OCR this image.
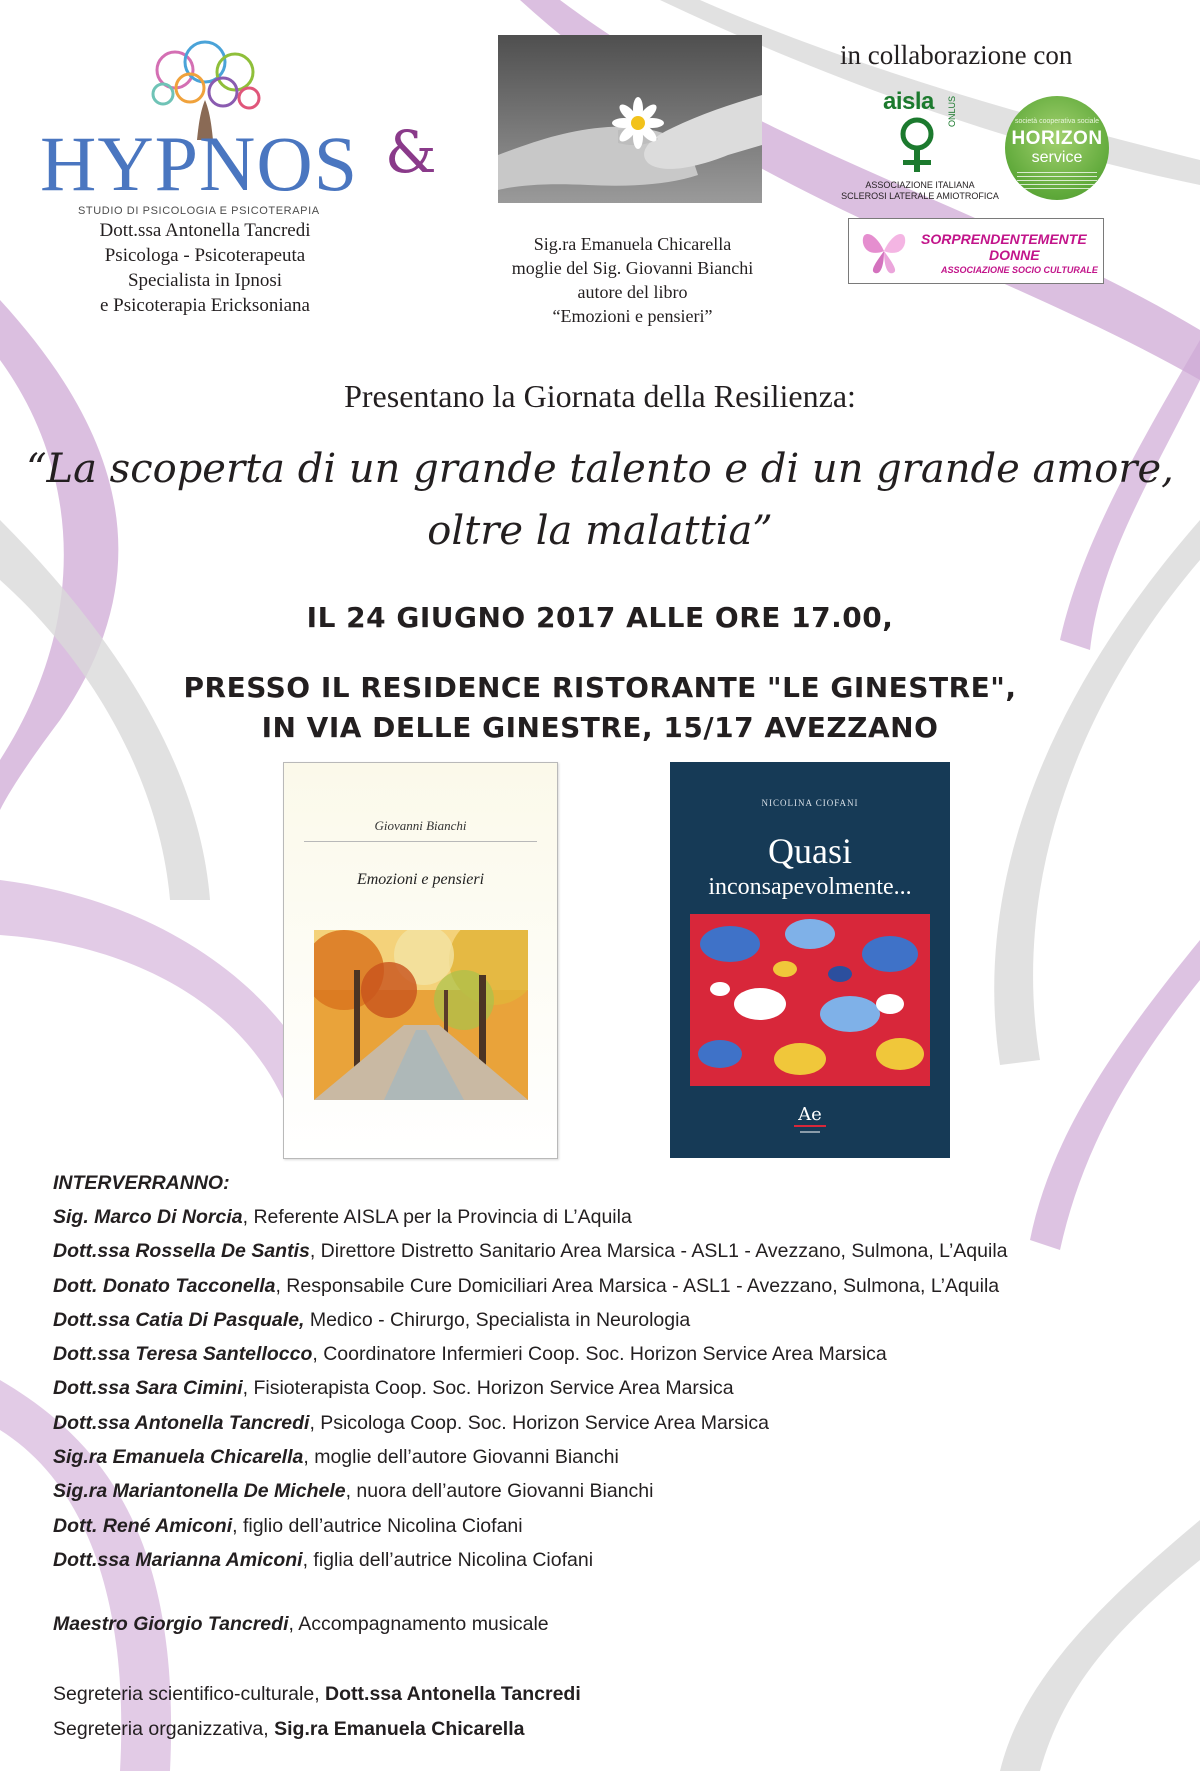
HYPNOS
STUDIO DI PSICOLOGIA E PSICOTERAPIA
Dott.ssa Antonella Tancredi
Psicologa - Psicoterapeuta
Specialista in Ipnosi
e Psicoterapia Ericksoniana
&
Sig.ra Emanuela Chicarella
moglie del Sig. Giovanni Bianchi
autore del libro
“Emozioni e pensieri”
in collaborazione con
aisla ONLUS
ASSOCIAZIONE ITALIANA
SCLEROSI LATERALE AMIOTROFICA
società cooperativa sociale
HORIZON
service
SORPRENDENTEMENTE
DONNE
ASSOCIAZIONE SOCIO CULTURALE
Presentano la Giornata della Resilienza:
“La scoperta di un grande talento e di un grande amore,
oltre la malattia”
IL 24 GIUGNO 2017 ALLE ORE 17.00,
PRESSO IL RESIDENCE RISTORANTE "LE GINESTRE",
IN VIA DELLE GINESTRE, 15/17 AVEZZANO
Giovanni Bianchi
Emozioni e pensieri
NICOLINA CIOFANI
Quasi
inconsapevolmente...
Ae
INTERVERRANNO:
Sig. Marco Di Norcia, Referente AISLA per la Provincia di L’Aquila
Dott.ssa Rossella De Santis, Direttore Distretto Sanitario Area Marsica - ASL1 - Avezzano, Sulmona, L’Aquila
Dott. Donato Tacconella, Responsabile Cure Domiciliari Area Marsica - ASL1 - Avezzano, Sulmona, L’Aquila
Dott.ssa Catia Di Pasquale, Medico - Chirurgo, Specialista in Neurologia
Dott.ssa Teresa Santellocco, Coordinatore Infermieri Coop. Soc. Horizon Service Area Marsica
Dott.ssa Sara Cimini, Fisioterapista Coop. Soc. Horizon Service Area Marsica
Dott.ssa Antonella Tancredi, Psicologa Coop. Soc. Horizon Service Area Marsica
Sig.ra Emanuela Chicarella, moglie dell’autore Giovanni Bianchi
Sig.ra Mariantonella De Michele, nuora dell’autore Giovanni Bianchi
Dott. René Amiconi, figlio dell’autrice Nicolina Ciofani
Dott.ssa Marianna Amiconi, figlia dell’autrice Nicolina Ciofani
Maestro Giorgio Tancredi, Accompagnamento musicale
Segreteria scientifico-culturale, Dott.ssa Antonella Tancredi
Segreteria organizzativa, Sig.ra Emanuela Chicarella
